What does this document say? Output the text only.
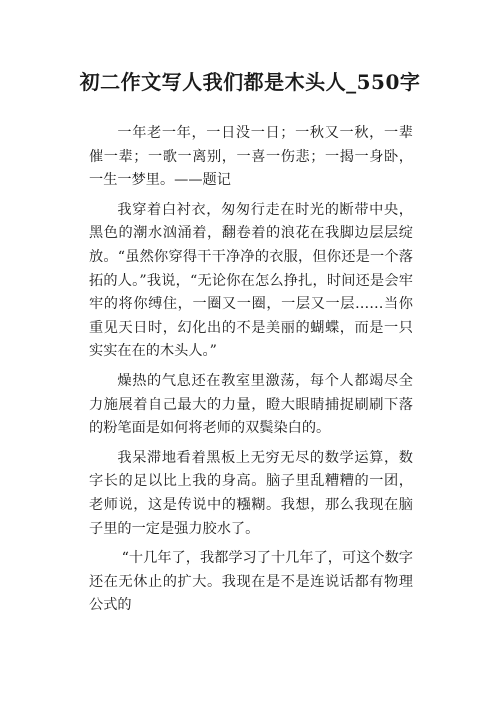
初二作文写人我们都是木头人_550字

一年老一年，一日没一日；一秋又一秋，一辈催一辈；一歌一离别，一喜一伤悲；一揭一身卧，一生一梦里。——题记

我穿着白衬衣，匆匆行走在时光的断带中央，黑色的潮水汹涌着，翻卷着的浪花在我脚边层层绽放。“虽然你穿得干干净净的衣服，但你还是一个落拓的人。”我说，“无论你在怎么挣扎，时间还是会牢牢的将你缚住，一圈又一圈，一层又一层……当你重见天日时，幻化出的不是美丽的蝴蝶，而是一只实实在在的木头人。”

燥热的气息还在教室里激荡，每个人都竭尽全力施展着自己最大的力量，瞪大眼睛捕捉刷刷下落的粉笔面是如何将老师的双鬓染白的。

我呆滞地看着黑板上无穷无尽的数学运算，数字长的足以比上我的身高。脑子里乱糟糟的一团，老师说，这是传说中的糨糊。我想，那么我现在脑子里的一定是强力胶水了。

“十几年了，我都学习了十几年了，可这个数字还在无休止的扩大。我现在是不是连说话都有物理公式的
